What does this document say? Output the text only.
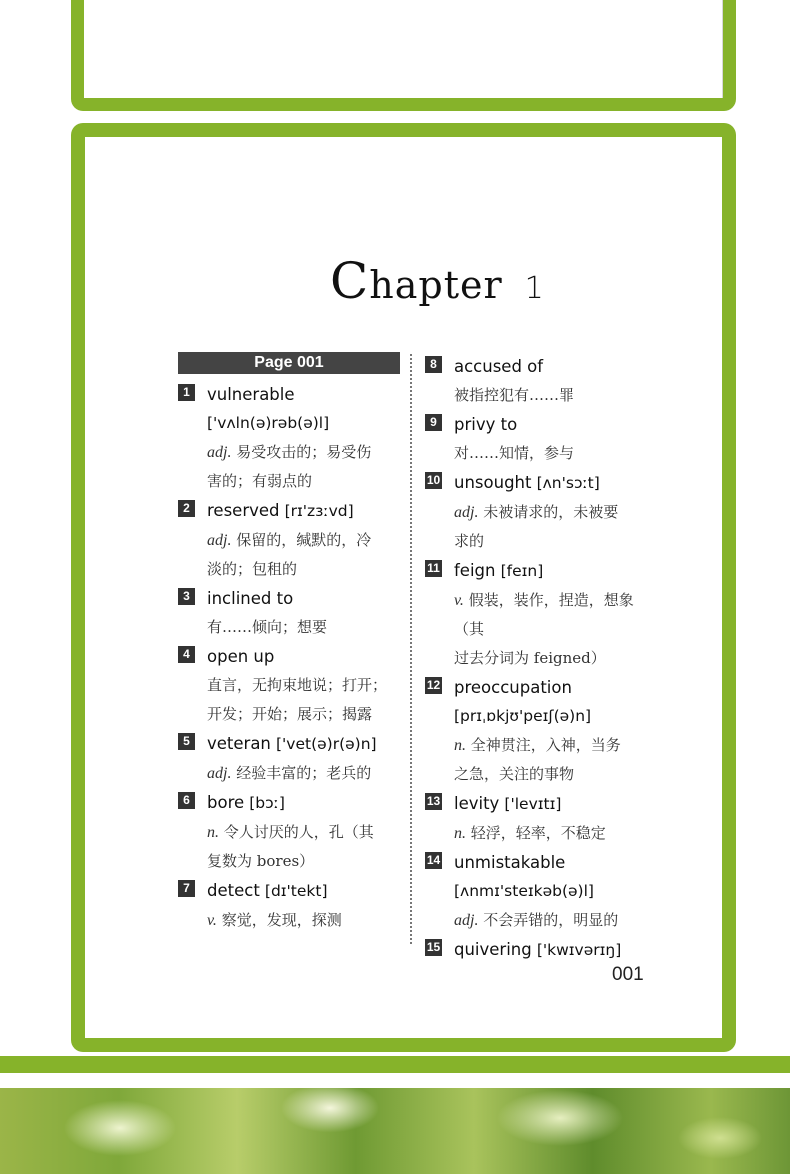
Chapter 1
Page 001
1	vulnerable
['vʌln(ə)rəb(ə)l]
adj. 易受攻击的；易受伤
害的；有弱点的
2	reserved [rɪ'zɜːvd]
adj. 保留的，缄默的，冷
淡的；包租的
3	inclined to
有……倾向；想要
4	open up
直言，无拘束地说；打开；
开发；开始；展示；揭露
5	veteran ['vet(ə)r(ə)n]
adj. 经验丰富的；老兵的
6	bore [bɔː]
n. 令人讨厌的人，孔（其
复数为 bores）
7	detect [dɪ'tekt]
v. 察觉，发现，探测
8	accused of
被指控犯有……罪
9	privy to
对……知情，参与
10 unsought [ʌn'sɔːt]
adj. 未被请求的，未被要
求的
11 feign [feɪn]
v. 假装，装作，捏造，想象（其
过去分词为 feigned）
12 preoccupation
[prɪˌɒkjʊ'peɪʃ(ə)n]
n. 全神贯注，入神，当务
之急，关注的事物
13 levity ['levɪtɪ]
n. 轻浮，轻率，不稳定
14 unmistakable
[ʌnmɪ'steɪkəb(ə)l]
adj. 不会弄错的，明显的
15 quivering ['kwɪvərɪŋ]
001
